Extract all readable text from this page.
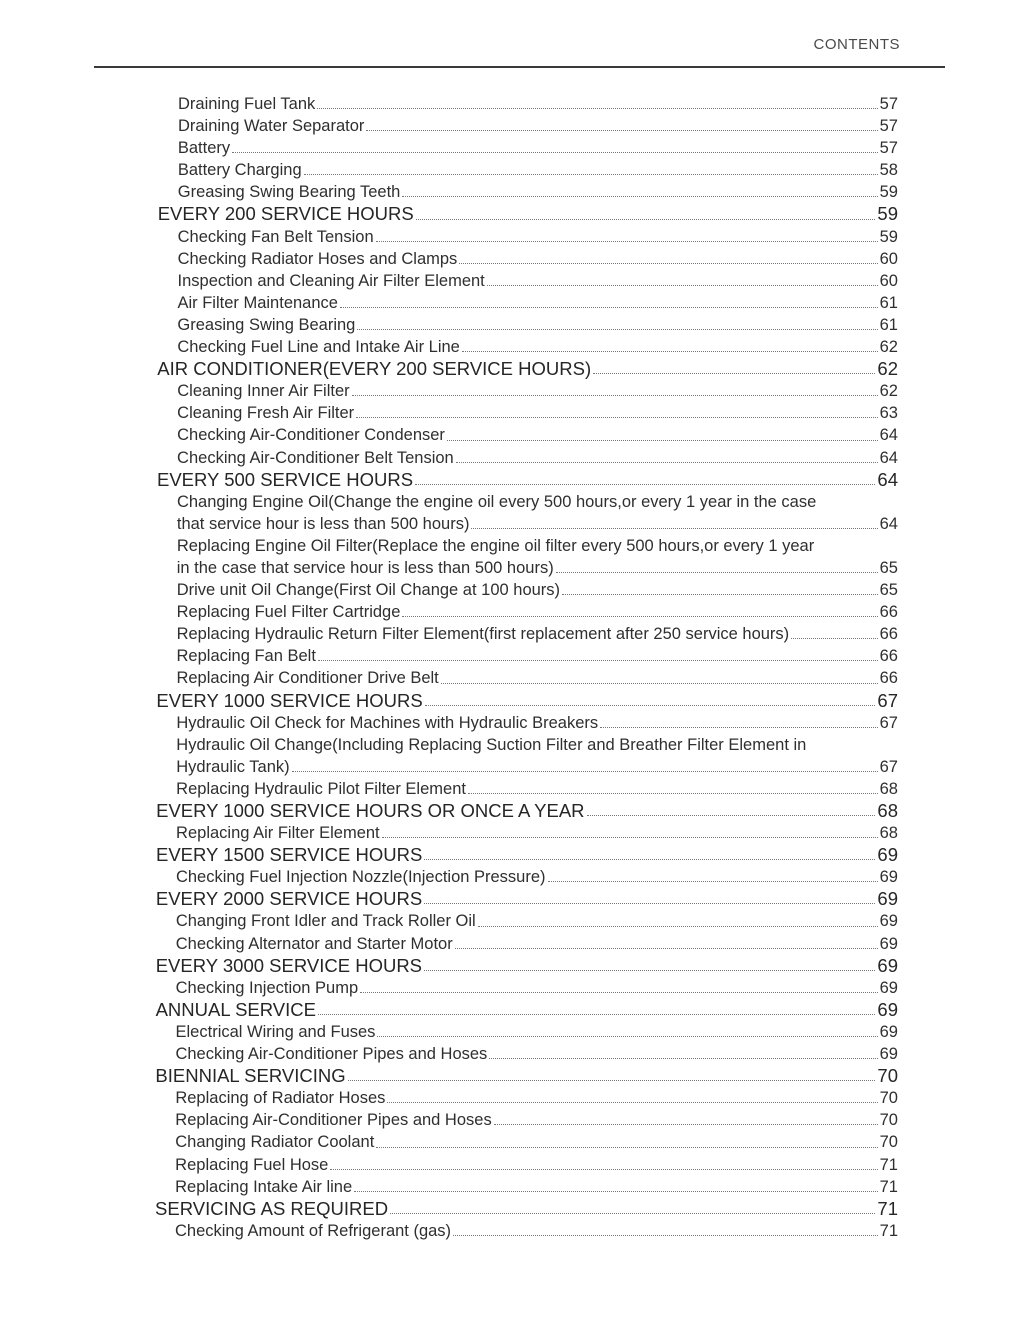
CONTENTS
Draining Fuel Tank	57
Draining Water Separator	57
Battery	57
Battery Charging	58
Greasing Swing Bearing Teeth	59
EVERY 200 SERVICE HOURS	59
Checking Fan Belt Tension	59
Checking Radiator Hoses and Clamps	60
Inspection and Cleaning Air Filter Element	60
Air Filter Maintenance	61
Greasing Swing Bearing	61
Checking Fuel Line and Intake Air Line	62
AIR CONDITIONER(EVERY 200 SERVICE HOURS)	62
Cleaning Inner Air Filter	62
Cleaning Fresh Air Filter	63
Checking Air-Conditioner Condenser	64
Checking Air-Conditioner Belt Tension	64
EVERY 500 SERVICE HOURS	64
Changing Engine Oil(Change the engine oil every 500 hours,or every 1 year in the case
that service hour is less than 500 hours)	64
Replacing Engine Oil Filter(Replace the engine oil filter every 500 hours,or every 1 year
in the case that service hour is less than 500 hours)	65
Drive unit Oil Change(First Oil Change at 100 hours)	65
Replacing Fuel Filter Cartridge	66
Replacing Hydraulic Return Filter Element(first replacement after 250 service hours)	66
Replacing Fan Belt	66
Replacing Air Conditioner Drive Belt	66
EVERY 1000 SERVICE HOURS	67
Hydraulic Oil Check for Machines with Hydraulic Breakers	67
Hydraulic Oil Change(Including Replacing Suction Filter and Breather Filter Element in
Hydraulic Tank)	67
Replacing Hydraulic Pilot Filter Element	68
EVERY 1000 SERVICE HOURS OR ONCE A YEAR	68
Replacing Air Filter Element	68
EVERY 1500 SERVICE HOURS	69
Checking Fuel Injection Nozzle(Injection Pressure)	69
EVERY 2000 SERVICE HOURS	69
Changing Front Idler and Track Roller Oil	69
Checking Alternator and Starter Motor	69
EVERY 3000 SERVICE HOURS	69
Checking Injection Pump	69
ANNUAL SERVICE	69
Electrical Wiring and Fuses	69
Checking Air-Conditioner Pipes and Hoses	69
BIENNIAL SERVICING	70
Replacing of Radiator Hoses	70
Replacing Air-Conditioner Pipes and Hoses	70
Changing Radiator Coolant	70
Replacing Fuel Hose	71
Replacing Intake Air line	71
SERVICING AS REQUIRED	71
Checking Amount of Refrigerant (gas)	71
